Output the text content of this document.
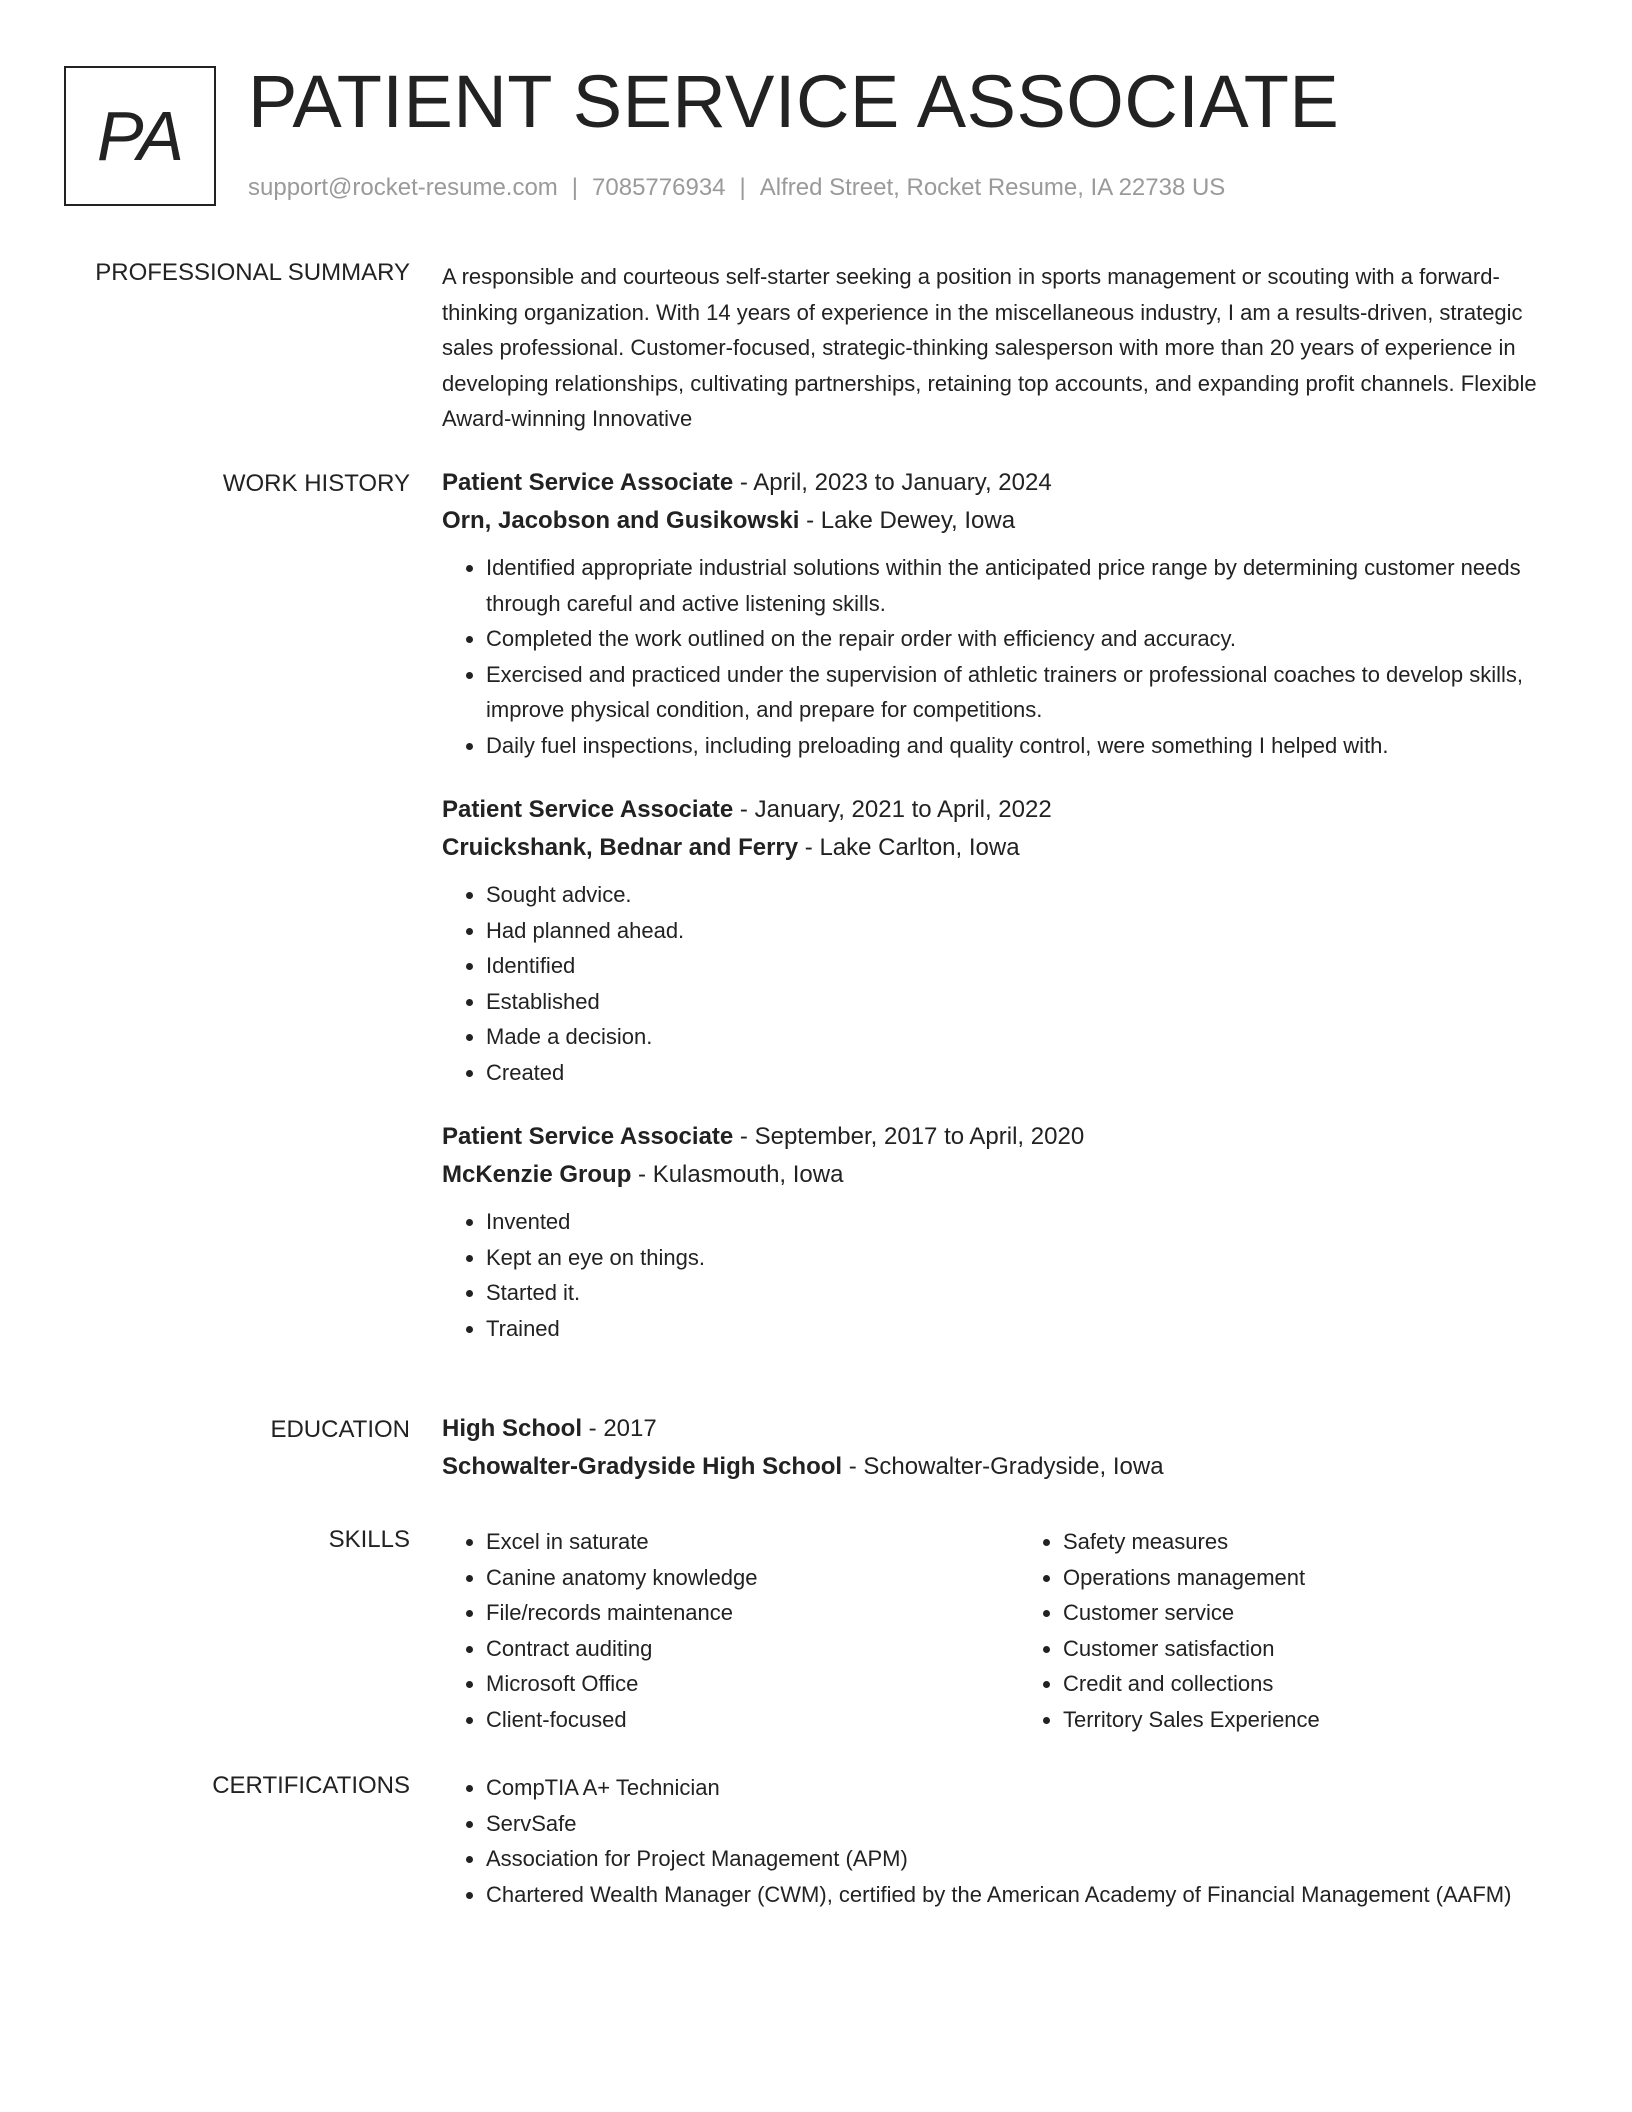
PA PATIENT SERVICE ASSOCIATE
support@rocket-resume.com | 7085776934 | Alfred Street, Rocket Resume, IA 22738 US
PROFESSIONAL SUMMARY A responsible and courteous self-starter seeking a position in sports management or scouting with a forward-thinking organization. With 14 years of experience in the miscellaneous industry, I am a results-driven, strategic sales professional. Customer-focused, strategic-thinking salesperson with more than 20 years of experience in developing relationships, cultivating partnerships, retaining top accounts, and expanding profit channels. Flexible Award-winning Innovative

WORK HISTORY Patient Service Associate - April, 2023 to January, 2024

Orn, Jacobson and Gusikowski - Lake Dewey, Iowa

• Identified appropriate industrial solutions within the anticipated price range by determining customer needs through careful and active listening skills.
• Completed the work outlined on the repair order with efficiency and accuracy.
• Exercised and practiced under the supervision of athletic trainers or professional coaches to develop skills, improve physical condition, and prepare for competitions.
• Daily fuel inspections, including preloading and quality control, were something I helped with.

Patient Service Associate - January, 2021 to April, 2022

Cruickshank, Bednar and Ferry - Lake Carlton, Iowa

• Sought advice.
• Had planned ahead.
• Identified
• Established
• Made a decision.
• Created

Patient Service Associate - September, 2017 to April, 2020

McKenzie Group - Kulasmouth, Iowa

• Invented
• Kept an eye on things.
• Started it.
• Trained
EDUCATION High School - 2017

Schowalter-Gradyside High School - Schowalter-Gradyside, Iowa

SKILLS	• Excel in saturate
• Canine anatomy knowledge
• File/records maintenance
• Contract auditing
• Microsoft Office
• Client-focused
• Safety measures
• Operations management
• Customer service
• Customer satisfaction
• Credit and collections
• Territory Sales Experience
CERTIFICATIONS	• CompTIA A+ Technician
• ServSafe
• Association for Project Management (APM)
• Chartered Wealth Manager (CWM), certified by the American Academy of Financial Management (AAFM)
